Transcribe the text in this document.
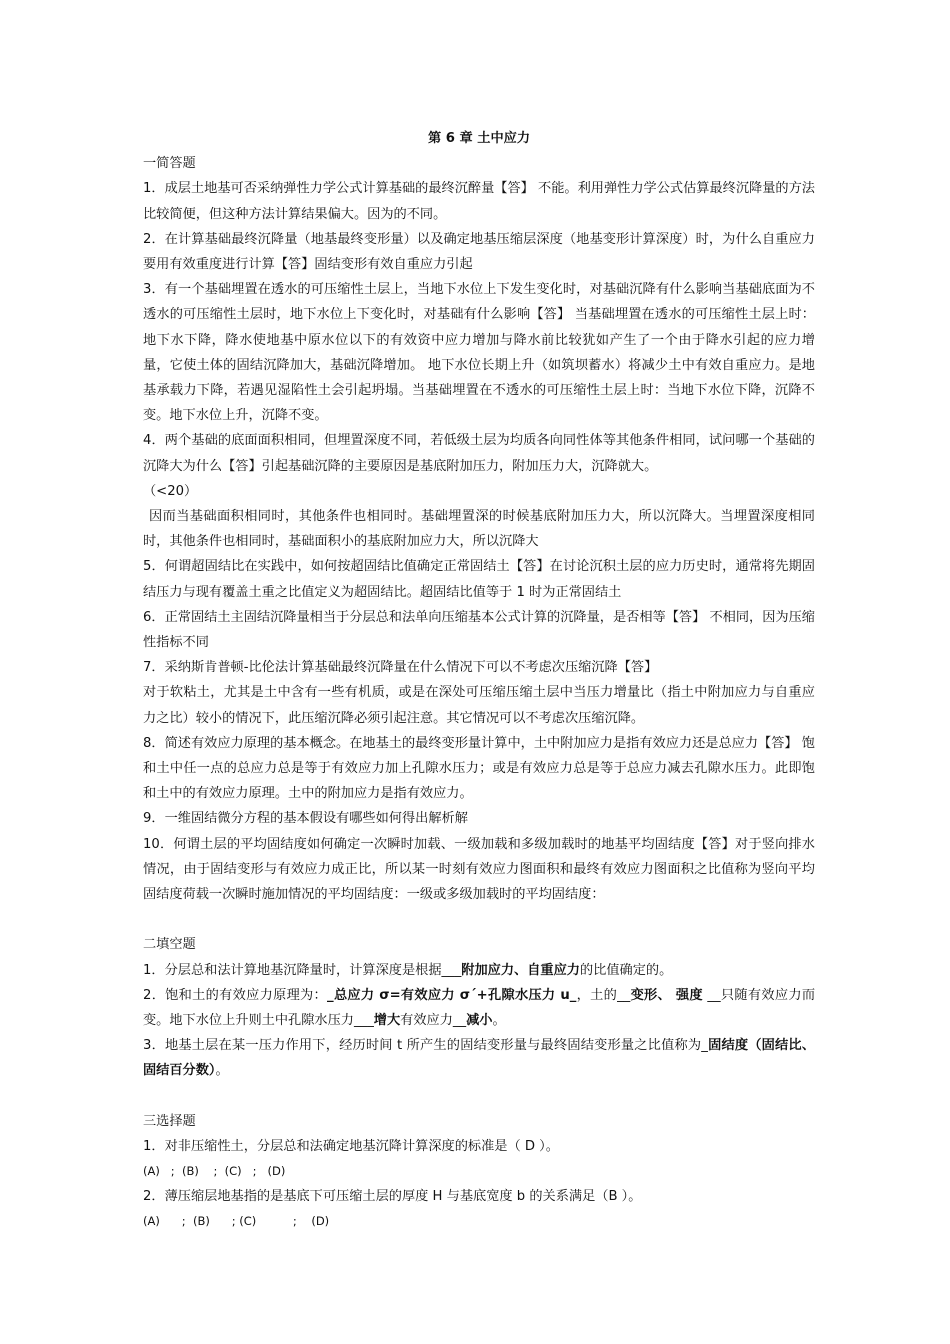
第 6 章 土中应力

一简答题

1．成层土地基可否采纳弹性力学公式计算基础的最终沉醉量【答】 不能。利用弹性力学公式估算最终沉降量的方法比较简便，但这种方法计算结果偏大。因为的不同。

2．在计算基础最终沉降量（地基最终变形量）以及确定地基压缩层深度（地基变形计算深度）时，为什么自重应力要用有效重度进行计算【答】固结变形有效自重应力引起

3．有一个基础埋置在透水的可压缩性土层上，当地下水位上下发生变化时，对基础沉降有什么影响当基础底面为不透水的可压缩性土层时，地下水位上下变化时，对基础有什么影响【答】 当基础埋置在透水的可压缩性土层上时：地下水下降，降水使地基中原水位以下的有效资中应力增加与降水前比较犹如产生了一个由于降水引起的应力增量，它使土体的固结沉降加大，基础沉降增加。 地下水位长期上升（如筑坝蓄水）将减少土中有效自重应力。是地基承载力下降，若遇见湿陷性土会引起坍塌。当基础埋置在不透水的可压缩性土层上时：当地下水位下降，沉降不变。地下水位上升，沉降不变。

4．两个基础的底面面积相同，但埋置深度不同，若低级土层为均质各向同性体等其他条件相同，试问哪一个基础的沉降大为什么【答】引起基础沉降的主要原因是基底附加压力，附加压力大，沉降就大。

（<20）

因而当基础面积相同时，其他条件也相同时。基础埋置深的时候基底附加压力大，所以沉降大。当埋置深度相同时，其他条件也相同时，基础面积小的基底附加应力大，所以沉降大

5．何谓超固结比在实践中，如何按超固结比值确定正常固结土【答】在讨论沉积土层的应力历史时，通常将先期固结压力与现有覆盖土重之比值定义为超固结比。超固结比值等于 1 时为正常固结土

6．正常固结土主固结沉降量相当于分层总和法单向压缩基本公式计算的沉降量，是否相等【答】 不相同，因为压缩性指标不同

7．采纳斯肯普顿-比伦法计算基础最终沉降量在什么情况下可以不考虑次压缩沉降【答】

对于软粘土，尤其是土中含有一些有机质，或是在深处可压缩压缩土层中当压力增量比（指土中附加应力与自重应力之比）较小的情况下，此压缩沉降必须引起注意。其它情况可以不考虑次压缩沉降。

8．简述有效应力原理的基本概念。在地基土的最终变形量计算中，土中附加应力是指有效应力还是总应力【答】 饱和土中任一点的总应力总是等于有效应力加上孔隙水压力；或是有效应力总是等于总应力减去孔隙水压力。此即饱和土中的有效应力原理。土中的附加应力是指有效应力。

9．一维固结微分方程的基本假设有哪些如何得出解析解

10．何谓土层的平均固结度如何确定一次瞬时加载、一级加载和多级加载时的地基平均固结度【答】对于竖向排水情况，由于固结变形与有效应力成正比，所以某一时刻有效应力图面积和最终有效应力图面积之比值称为竖向平均固结度荷载一次瞬时施加情况的平均固结度：一级或多级加载时的平均固结度：

二填空题

1．分层总和法计算地基沉降量时，计算深度是根据___附加应力、自重应力的比值确定的。

2．饱和土的有效应力原理为：_总应力 σ=有效应力 σ´+孔隙水压力 u_，土的__变形、 强度 __只随有效应力而变。地下水位上升则土中孔隙水压力___增大有效应力__减小。

3．地基土层在某一压力作用下，经历时间 t 所产生的固结变形量与最终固结变形量之比值称为_固结度（固结比、固结百分数）。

三选择题

1．对非压缩性土，分层总和法确定地基沉降计算深度的标准是（ D ）。

(A)   ;  (B)    ;  (C)   ;   (D)

2．薄压缩层地基指的是基底下可压缩土层的厚度 H 与基底宽度 b 的关系满足（B ）。

(A)      ;  (B)      ; (C)          ;    (D)
